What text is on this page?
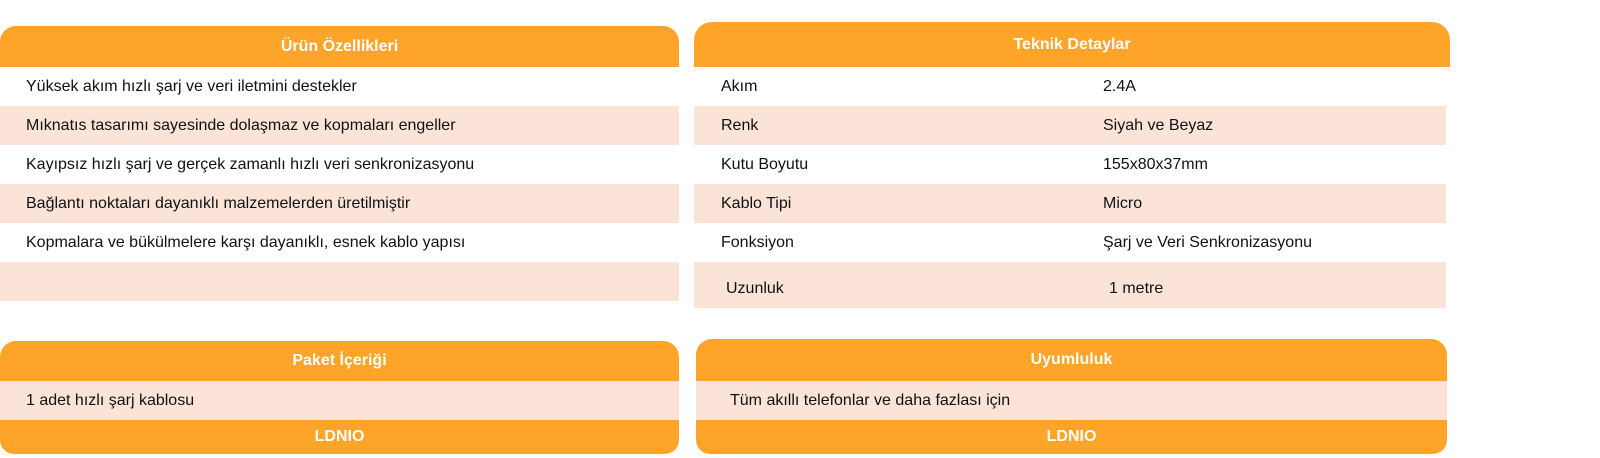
Ürün Özellikleri
Yüksek akım hızlı şarj ve veri iletmini destekler
Mıknatıs tasarımı sayesinde dolaşmaz ve kopmaları engeller
Kayıpsız hızlı şarj ve gerçek zamanlı hızlı veri senkronizasyonu
Bağlantı noktaları dayanıklı malzemelerden üretilmiştir
Kopmalara ve bükülmelere karşı dayanıklı, esnek kablo yapısı
Teknik Detaylar
Akım	2.4A
Renk	Siyah ve Beyaz
Kutu Boyutu	155x80x37mm
Kablo Tipi	Micro
Fonksiyon	Şarj ve Veri Senkronizasyonu
Uzunluk	1 metre
Paket İçeriği
1 adet hızlı şarj kablosu
LDNIO
Uyumluluk
Tüm akıllı telefonlar ve daha fazlası için
LDNIO
